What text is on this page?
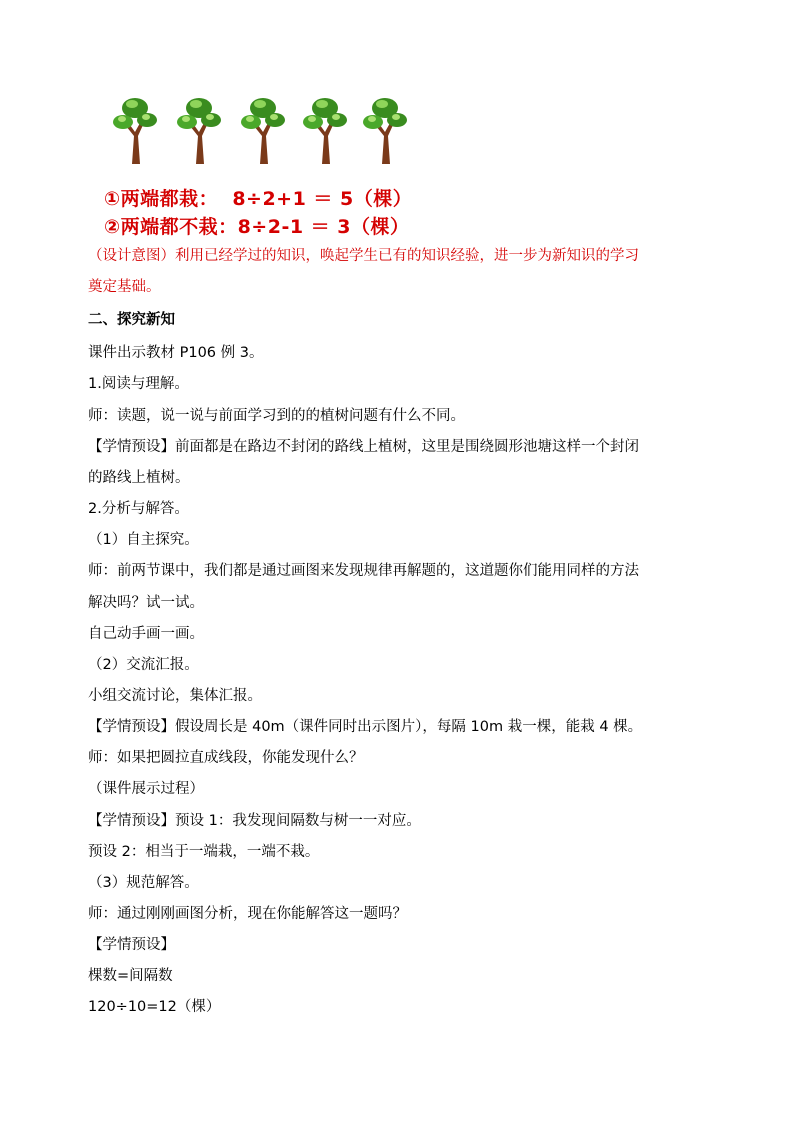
①两端都栽：  8÷2+1 ＝ 5（棵）
②两端都不栽：8÷2-1 ＝ 3（棵）
（设计意图）利用已经学过的知识，唤起学生已有的知识经验，进一步为新知识的学习
奠定基础。
二、探究新知
课件出示教材 P106 例 3。
1.阅读与理解。
师：读题，说一说与前面学习到的的植树问题有什么不同。
【学情预设】前面都是在路边不封闭的路线上植树，这里是围绕圆形池塘这样一个封闭
的路线上植树。
2.分析与解答。
（1）自主探究。
师：前两节课中，我们都是通过画图来发现规律再解题的，这道题你们能用同样的方法
解决吗？试一试。
自己动手画一画。
（2）交流汇报。
小组交流讨论，集体汇报。
【学情预设】假设周长是 40m（课件同时出示图片），每隔 10m 栽一棵，能栽 4 棵。
师：如果把圆拉直成线段，你能发现什么？
（课件展示过程）
【学情预设】预设 1：我发现间隔数与树一一对应。
预设 2：相当于一端栽，一端不栽。
（3）规范解答。
师：通过刚刚画图分析，现在你能解答这一题吗？
【学情预设】
棵数=间隔数
120÷10=12（棵）
